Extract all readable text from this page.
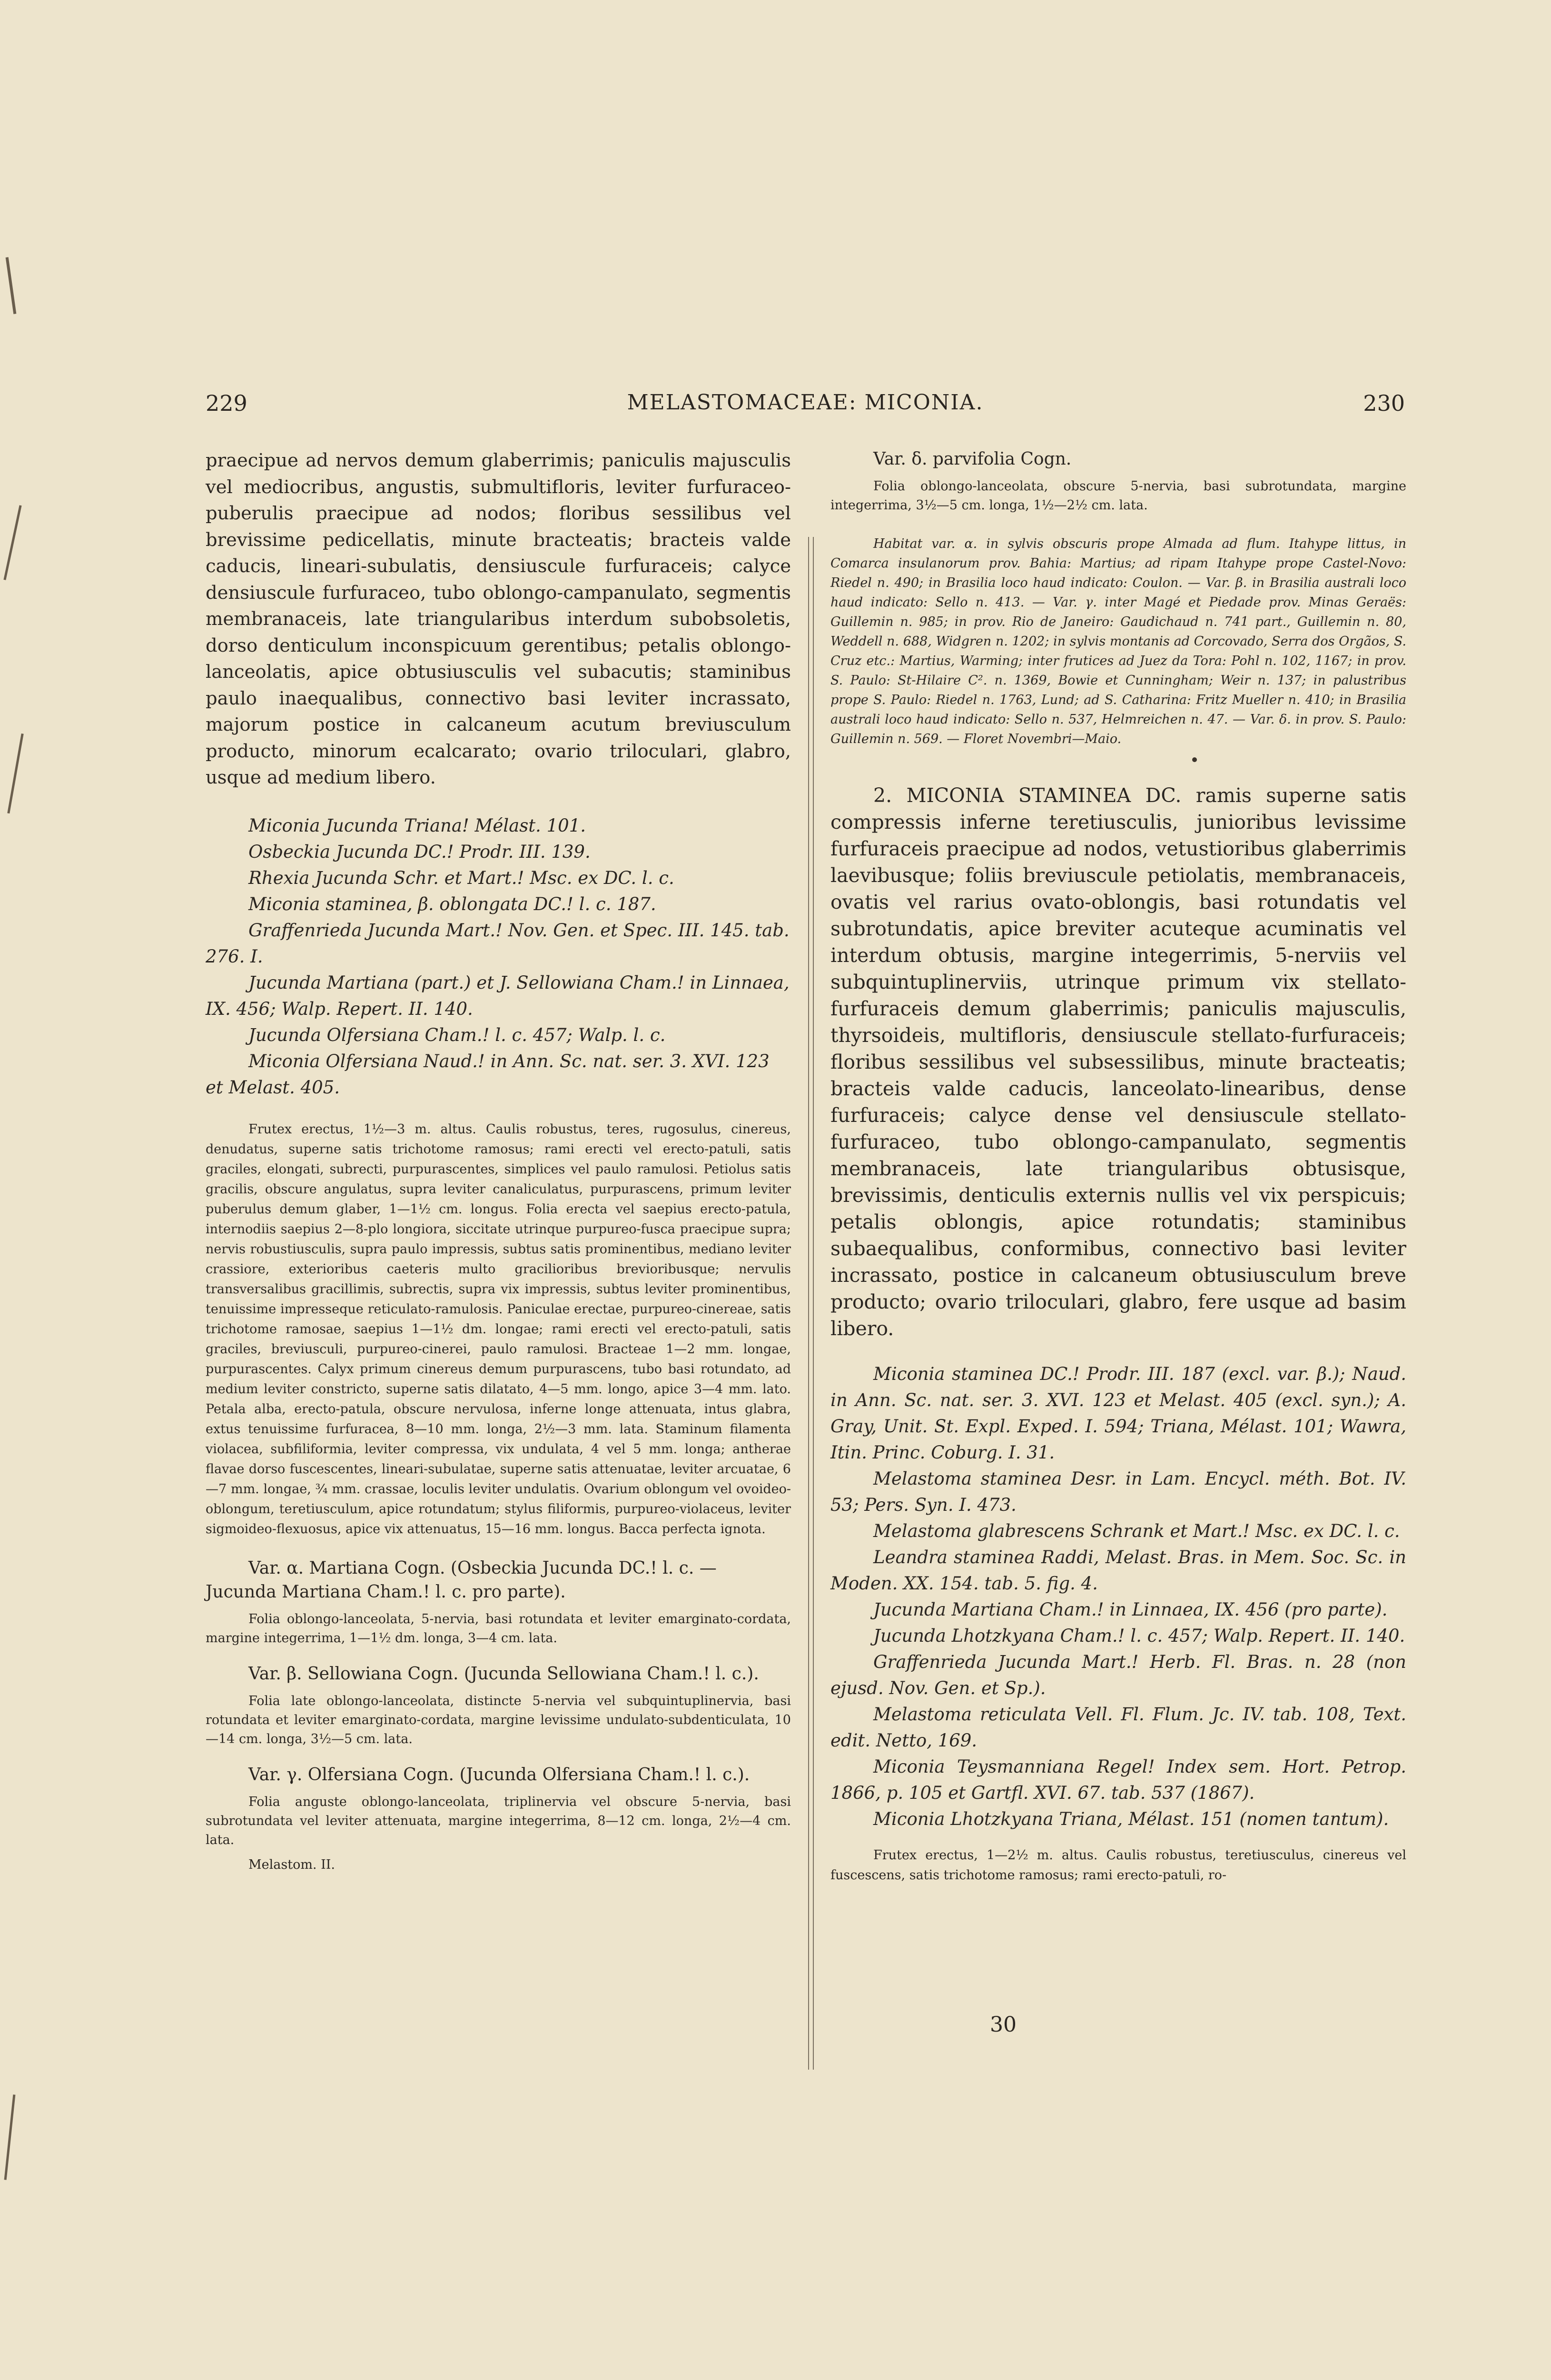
229	MELASTOMACEAE: MICONIA.	230

praecipue ad nervos demum glaberrimis; paniculis majusculis vel mediocribus, angustis, submultifloris, leviter furfuraceo-puberulis praecipue ad nodos; floribus sessilibus vel brevissime pedicellatis, minute bracteatis; bracteis valde caducis, lineari-subulatis, densiuscule furfuraceis; calyce densiuscule furfuraceo, tubo oblongo-campanulato, segmentis membranaceis, late triangularibus interdum subobsoletis, dorso denticulum inconspicuum gerentibus; petalis oblongo-lanceolatis, apice obtusiusculis vel subacutis; staminibus paulo inaequalibus, connectivo basi leviter incrassato, majorum postice in calcaneum acutum breviusculum producto, minorum ecalcarato; ovario triloculari, glabro, usque ad medium libero.

Miconia Jucunda Triana! Mélast. 101.
Osbeckia Jucunda DC.! Prodr. III. 139.
Rhexia Jucunda Schr. et Mart.! Msc. ex DC. l. c.
Miconia staminea, β. oblongata DC.! l. c. 187.
Graffenrieda Jucunda Mart.! Nov. Gen. et Spec. III. 145. tab. 276. I.
Jucunda Martiana (part.) et J. Sellowiana Cham.! in Linnaea, IX. 456; Walp. Repert. II. 140.
Jucunda Olfersiana Cham.! l. c. 457; Walp. l. c.
Miconia Olfersiana Naud.! in Ann. Sc. nat. ser. 3. XVI. 123 et Melast. 405.

Frutex erectus, 1½—3 m. altus. Caulis robustus, teres, rugosulus, cinereus, denudatus, superne satis trichotome ramosus; rami erecti vel erecto-patuli, satis graciles, elongati, subrecti, purpurascentes, simplices vel paulo ramulosi. Petiolus satis gracilis, obscure angulatus, supra leviter canaliculatus, purpurascens, primum leviter puberulus demum glaber, 1—1½ cm. longus. Folia erecta vel saepius erecto-patula, internodiis saepius 2—8-plo longiora, siccitate utrinque purpureo-fusca praecipue supra; nervis robustiusculis, supra paulo impressis, subtus satis prominentibus, mediano leviter crassiore, exterioribus caeteris multo gracilioribus brevioribusque; nervulis transversalibus gracillimis, subrectis, supra vix impressis, subtus leviter prominentibus, tenuissime impresseque reticulato-ramulosis. Paniculae erectae, purpureo-cinereae, satis trichotome ramosae, saepius 1—1½ dm. longae; rami erecti vel erecto-patuli, satis graciles, breviusculi, purpureo-cinerei, paulo ramulosi. Bracteae 1—2 mm. longae, purpurascentes. Calyx primum cinereus demum purpurascens, tubo basi rotundato, ad medium leviter constricto, superne satis dilatato, 4—5 mm. longo, apice 3—4 mm. lato. Petala alba, erecto-patula, obscure nervulosa, inferne longe attenuata, intus glabra, extus tenuissime furfuracea, 8—10 mm. longa, 2½—3 mm. lata. Staminum filamenta violacea, subfiliformia, leviter compressa, vix undulata, 4 vel 5 mm. longa; antherae flavae dorso fuscescentes, lineari-subulatae, superne satis attenuatae, leviter arcuatae, 6—7 mm. longae, ¾ mm. crassae, loculis leviter undulatis. Ovarium oblongum vel ovoideo-oblongum, teretiusculum, apice rotundatum; stylus filiformis, purpureo-violaceus, leviter sigmoideo-flexuosus, apice vix attenuatus, 15—16 mm. longus. Bacca perfecta ignota.

Var. α. Martiana Cogn. (Osbeckia Jucunda DC.! l. c. — Jucunda Martiana Cham.! l. c. pro parte).

Folia oblongo-lanceolata, 5-nervia, basi rotundata et leviter emarginato-cordata, margine integerrima, 1—1½ dm. longa, 3—4 cm. lata.

Var. β. Sellowiana Cogn. (Jucunda Sellowiana Cham.! l. c.).

Folia late oblongo-lanceolata, distincte 5-nervia vel subquintuplinervia, basi rotundata et leviter emarginato-cordata, margine levissime undulato-subdenticulata, 10—14 cm. longa, 3½—5 cm. lata.

Var. γ. Olfersiana Cogn. (Jucunda Olfersiana Cham.! l. c.).

Folia anguste oblongo-lanceolata, triplinervia vel obscure 5-nervia, basi subrotundata vel leviter attenuata, margine integerrima, 8—12 cm. longa, 2½—4 cm. lata.

Melastom. II.

Var. δ. parvifolia Cogn.

Folia oblongo-lanceolata, obscure 5-nervia, basi subrotundata, margine integerrima, 3½—5 cm. longa, 1½—2½ cm. lata.

Habitat var. α. in sylvis obscuris prope Almada ad flum. Itahype littus, in Comarca insulanorum prov. Bahia: Martius; ad ripam Itahype prope Castel-Novo: Riedel n. 490; in Brasilia loco haud indicato: Coulon. — Var. β. in Brasilia australi loco haud indicato: Sello n. 413. — Var. γ. inter Magé et Piedade prov. Minas Geraës: Guillemin n. 985; in prov. Rio de Janeiro: Gaudichaud n. 741 part., Guillemin n. 80, Weddell n. 688, Widgren n. 1202; in sylvis montanis ad Corcovado, Serra dos Orgãos, S. Cruz etc.: Martius, Warming; inter frutices ad Juez da Tora: Pohl n. 102, 1167; in prov. S. Paulo: St-Hilaire C². n. 1369, Bowie et Cunningham; Weir n. 137; in palustribus prope S. Paulo: Riedel n. 1763, Lund; ad S. Catharina: Fritz Mueller n. 410; in Brasilia australi loco haud indicato: Sello n. 537, Helmreichen n. 47. — Var. δ. in prov. S. Paulo: Guillemin n. 569. — Floret Novembri—Maio.

2. MICONIA STAMINEA DC. ramis superne satis compressis inferne teretiusculis, junioribus levissime furfuraceis praecipue ad nodos, vetustioribus glaberrimis laevibusque; foliis breviuscule petiolatis, membranaceis, ovatis vel rarius ovato-oblongis, basi rotundatis vel subrotundatis, apice breviter acuteque acuminatis vel interdum obtusis, margine integerrimis, 5-nerviis vel subquintuplinerviis, utrinque primum vix stellato-furfuraceis demum glaberrimis; paniculis majusculis, thyrsoideis, multifloris, densiuscule stellato-furfuraceis; floribus sessilibus vel subsessilibus, minute bracteatis; bracteis valde caducis, lanceolato-linearibus, dense furfuraceis; calyce dense vel densiuscule stellato-furfuraceo, tubo oblongo-campanulato, segmentis membranaceis, late triangularibus obtusisque, brevissimis, denticulis externis nullis vel vix perspicuis; petalis oblongis, apice rotundatis; staminibus subaequalibus, conformibus, connectivo basi leviter incrassato, postice in calcaneum obtusiusculum breve producto; ovario triloculari, glabro, fere usque ad basim libero.

Miconia staminea DC.! Prodr. III. 187 (excl. var. β.); Naud. in Ann. Sc. nat. ser. 3. XVI. 123 et Melast. 405 (excl. syn.); A. Gray, Unit. St. Expl. Exped. I. 594; Triana, Mélast. 101; Wawra, Itin. Princ. Coburg. I. 31.
Melastoma staminea Desr. in Lam. Encycl. méth. Bot. IV. 53; Pers. Syn. I. 473.
Melastoma glabrescens Schrank et Mart.! Msc. ex DC. l. c.
Leandra staminea Raddi, Melast. Bras. in Mem. Soc. Sc. in Moden. XX. 154. tab. 5. fig. 4.
Jucunda Martiana Cham.! in Linnaea, IX. 456 (pro parte).
Jucunda Lhotzkyana Cham.! l. c. 457; Walp. Repert. II. 140.
Graffenrieda Jucunda Mart.! Herb. Fl. Bras. n. 28 (non ejusd. Nov. Gen. et Sp.).
Melastoma reticulata Vell. Fl. Flum. Jc. IV. tab. 108, Text. edit. Netto, 169.
Miconia Teysmanniana Regel! Index sem. Hort. Petrop. 1866, p. 105 et Gartfl. XVI. 67. tab. 537 (1867).
Miconia Lhotzkyana Triana, Mélast. 151 (nomen tantum).

Frutex erectus, 1—2½ m. altus. Caulis robustus, teretiusculus, cinereus vel fuscescens, satis trichotome ramosus; rami erecto-patuli, ro-

30
